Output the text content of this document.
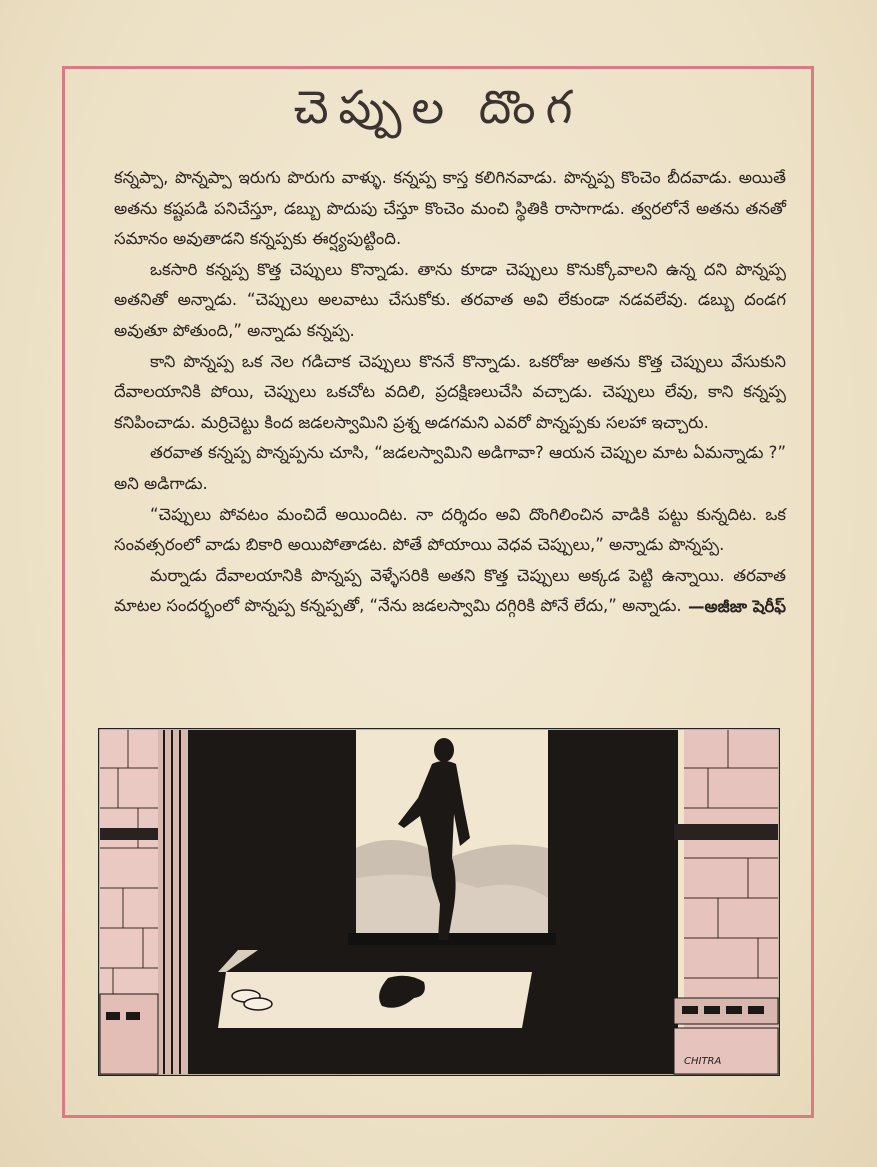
చెప్పుల దొంగ

కన్నప్పా, పొన్నప్పా ఇరుగు పొరుగు వాళ్ళు. కన్నప్ప కాస్త కలిగినవాడు. పొన్నప్ప కొంచెం బీదవాడు. అయితే అతను కష్టపడి పనిచేస్తూ, డబ్బు పొదుపు చేస్తూ కొంచెం మంచి స్థితికి రాసాగాడు. త్వరలోనే అతను తనతో సమానం అవుతాడని కన్నప్పకు ఈర్ష్యపుట్టింది.

ఒకసారి కన్నప్ప కొత్త చెప్పులు కొన్నాడు. తాను కూడా చెప్పులు కొనుక్కోవాలని ఉన్న దని పొన్నప్ప అతనితో అన్నాడు. “చెప్పులు అలవాటు చేసుకోకు. తరవాత అవి లేకుండా నడవలేవు. డబ్బు దండగ అవుతూ పోతుంది,” అన్నాడు కన్నప్ప.

కాని పొన్నప్ప ఒక నెల గడిచాక చెప్పులు కొననే కొన్నాడు. ఒకరోజు అతను కొత్త చెప్పులు వేసుకుని దేవాలయానికి పోయి, చెప్పులు ఒకచోట వదిలి, ప్రదక్షిణలుచేసి వచ్చాడు. చెప్పులు లేవు, కాని కన్నప్ప కనిపించాడు. మర్రిచెట్టు కింద జడలస్వామిని ప్రశ్న అడగమని ఎవరో పొన్నప్పకు సలహా ఇచ్చారు.

తరవాత కన్నప్ప పొన్నప్పను చూసి, “జడలస్వామిని అడిగావా? ఆయన చెప్పుల మాట ఏమన్నాడు ?” అని అడిగాడు.

“చెప్పులు పోవటం మంచిదే అయిందిట. నా దర్శిదం అవి దొంగిలించిన వాడికి పట్టు కున్నదిట. ఒక సంవత్సరంలో వాడు బికారి అయిపోతాడట. పోతే పోయాయి వెధవ చెప్పులు,” అన్నాడు పొన్నప్ప.

మర్నాడు దేవాలయానికి పొన్నప్ప వెళ్ళేసరికి అతని కొత్త చెప్పులు అక్కడ పెట్టి ఉన్నాయి. తరవాత మాటల సందర్భంలో పొన్నప్ప కన్నప్పతో, “నేను జడలస్వామి దగ్గిరికి పోనే లేదు,” అన్నాడు. —అజీజా షెరీఫ్
CHITRA
